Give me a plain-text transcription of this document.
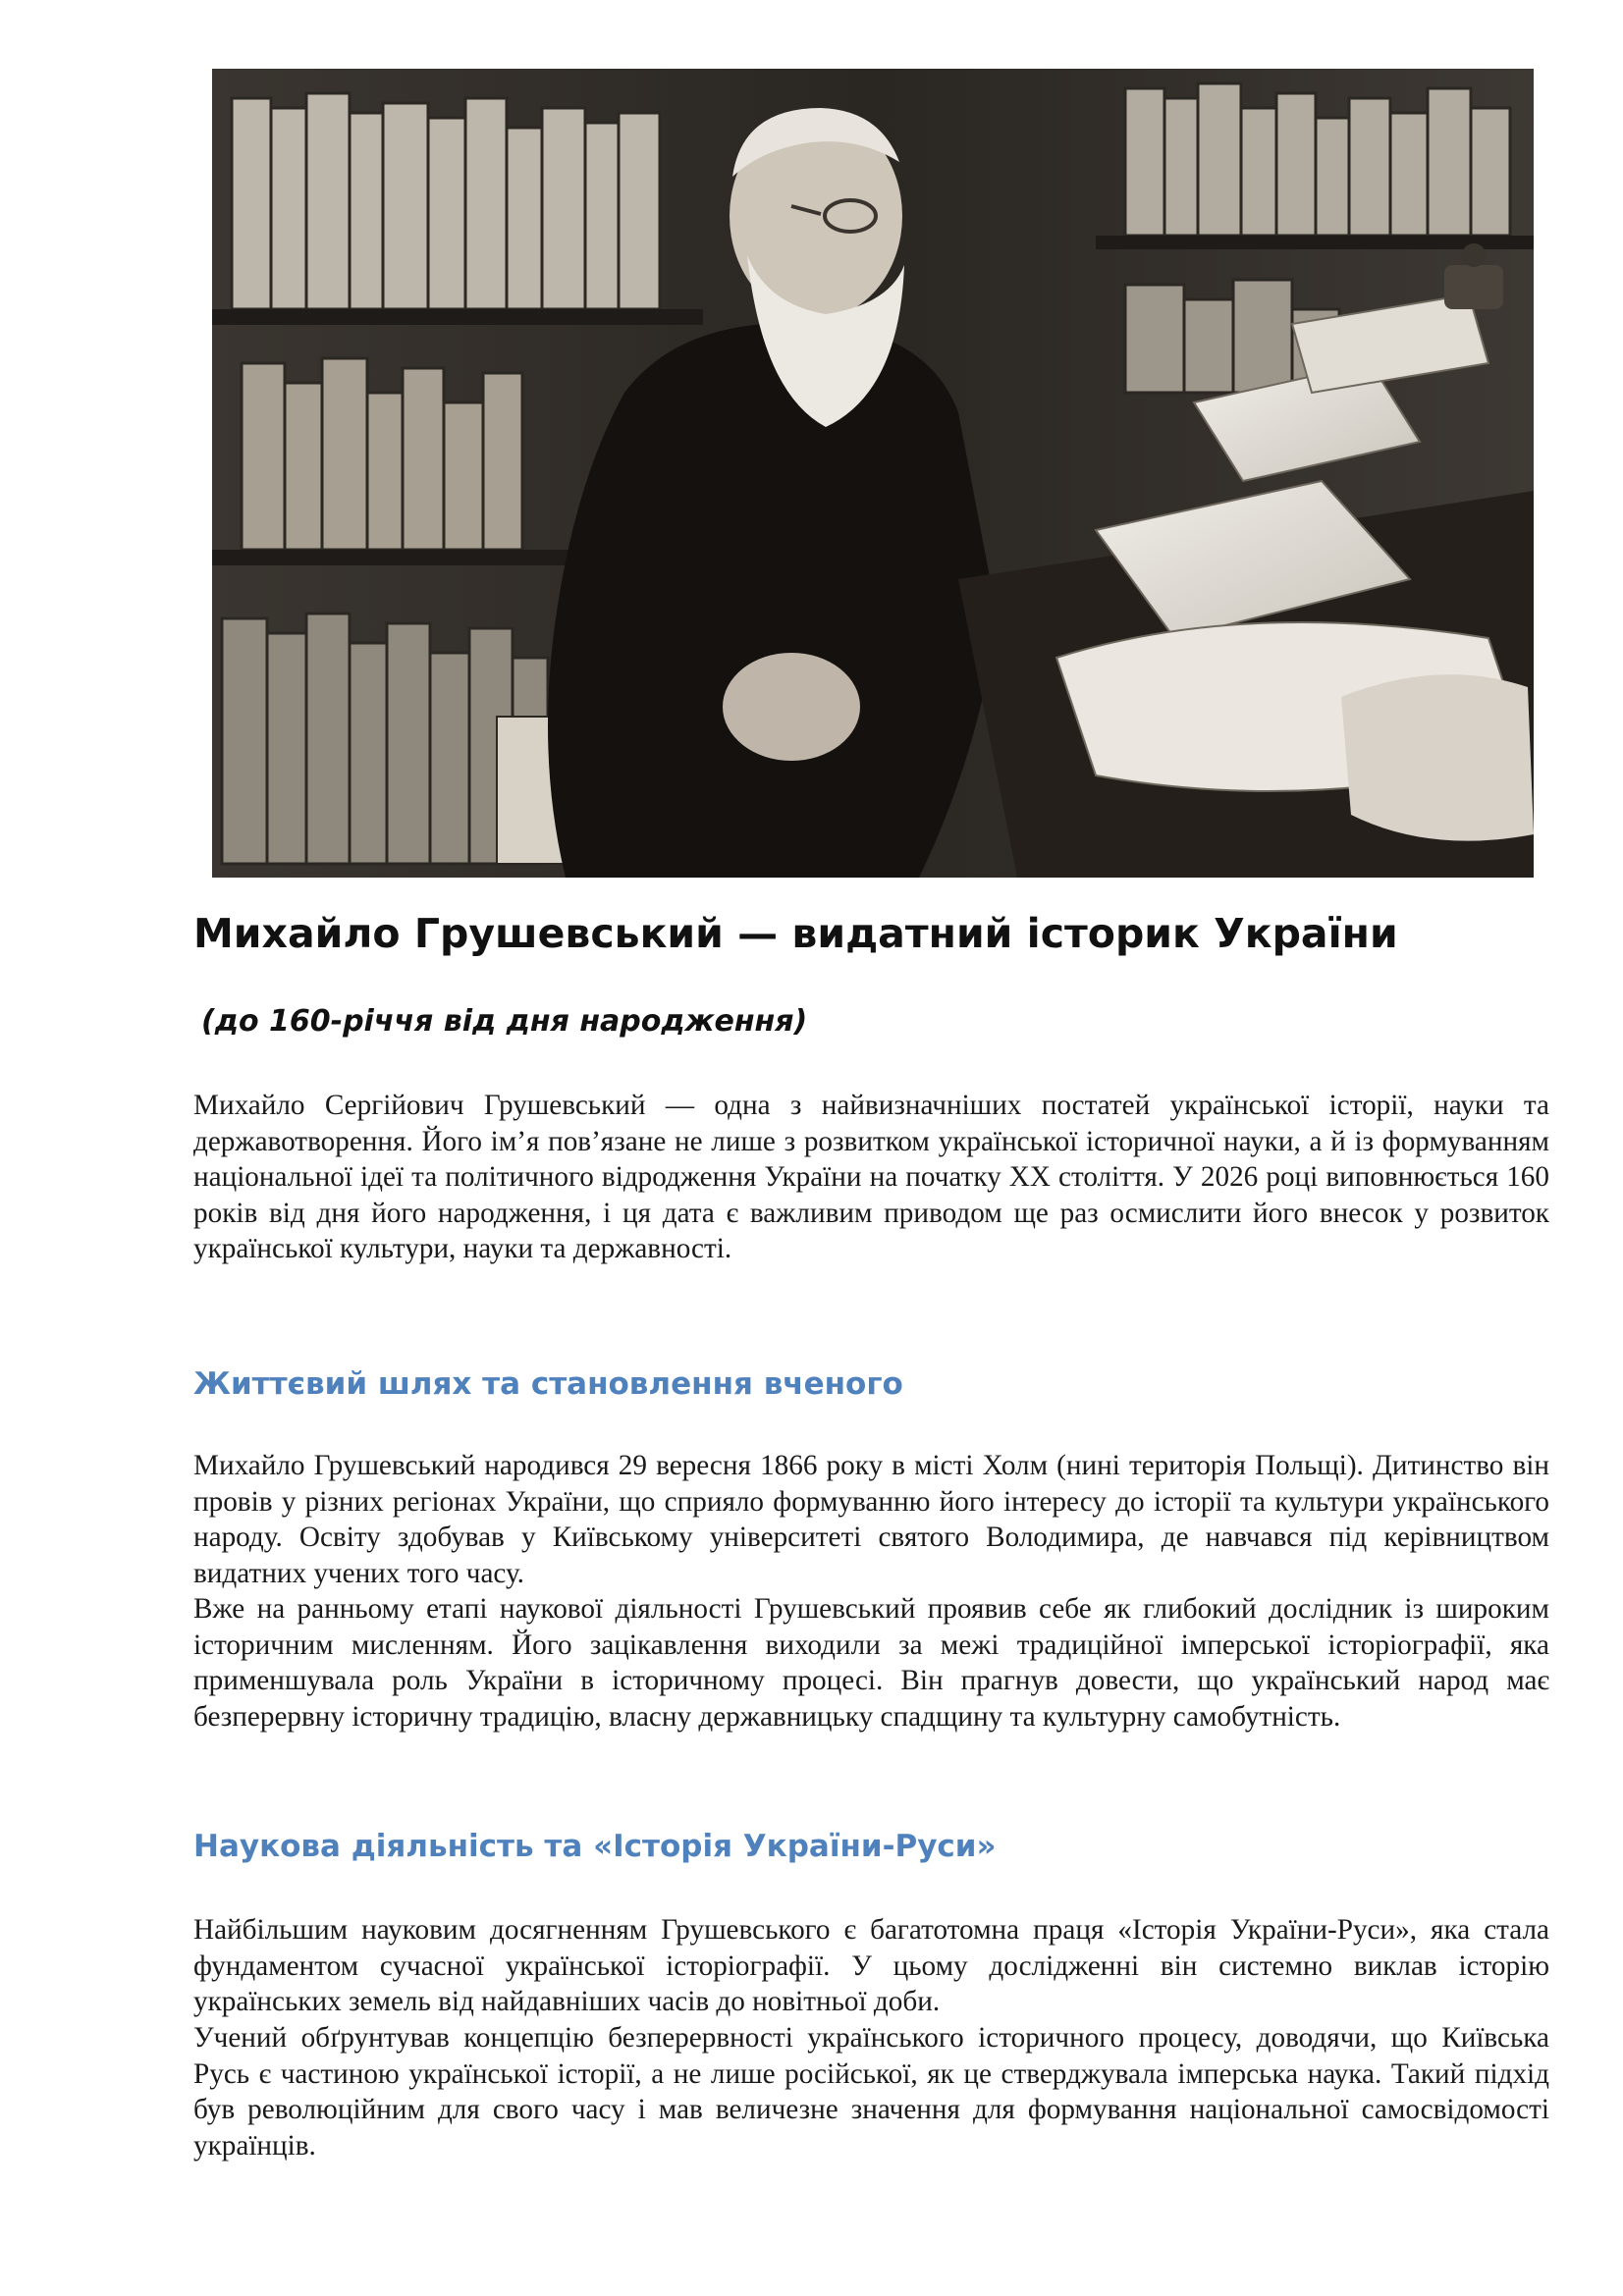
Михайло Грушевський — видатний історик України

(до 160-річчя від дня народження)

Михайло Сергійович Грушевський — одна з найвизначніших постатей української історії, науки та державотворення. Його ім’я пов’язане не лише з розвитком української історичної науки, а й із формуванням національної ідеї та політичного відродження України на початку XX століття. У 2026 році виповнюється 160 років від дня його народження, і ця дата є важливим приводом ще раз осмислити його внесок у розвиток української культури, науки та державності.

Життєвий шлях та становлення вченого

Михайло Грушевський народився 29 вересня 1866 року в місті Холм (нині територія Польщі). Дитинство він провів у різних регіонах України, що сприяло формуванню його інтересу до історії та культури українського народу. Освіту здобував у Київському університеті святого Володимира, де навчався під керівництвом видатних учених того часу.

Вже на ранньому етапі наукової діяльності Грушевський проявив себе як глибокий дослідник із широким історичним мисленням. Його зацікавлення виходили за межі традиційної імперської історіографії, яка применшувала роль України в історичному процесі. Він прагнув довести, що український народ має безперервну історичну традицію, власну державницьку спадщину та культурну самобутність.

Наукова діяльність та «Історія України-Руси»

Найбільшим науковим досягненням Грушевського є багатотомна праця «Історія України-Руси», яка стала фундаментом сучасної української історіографії. У цьому дослідженні він системно виклав історію українських земель від найдавніших часів до новітньої доби.

Учений обґрунтував концепцію безперервності українського історичного процесу, доводячи, що Київська Русь є частиною української історії, а не лише російської, як це стверджувала імперська наука. Такий підхід був революційним для свого часу і мав величезне значення для формування національної самосвідомості українців.
